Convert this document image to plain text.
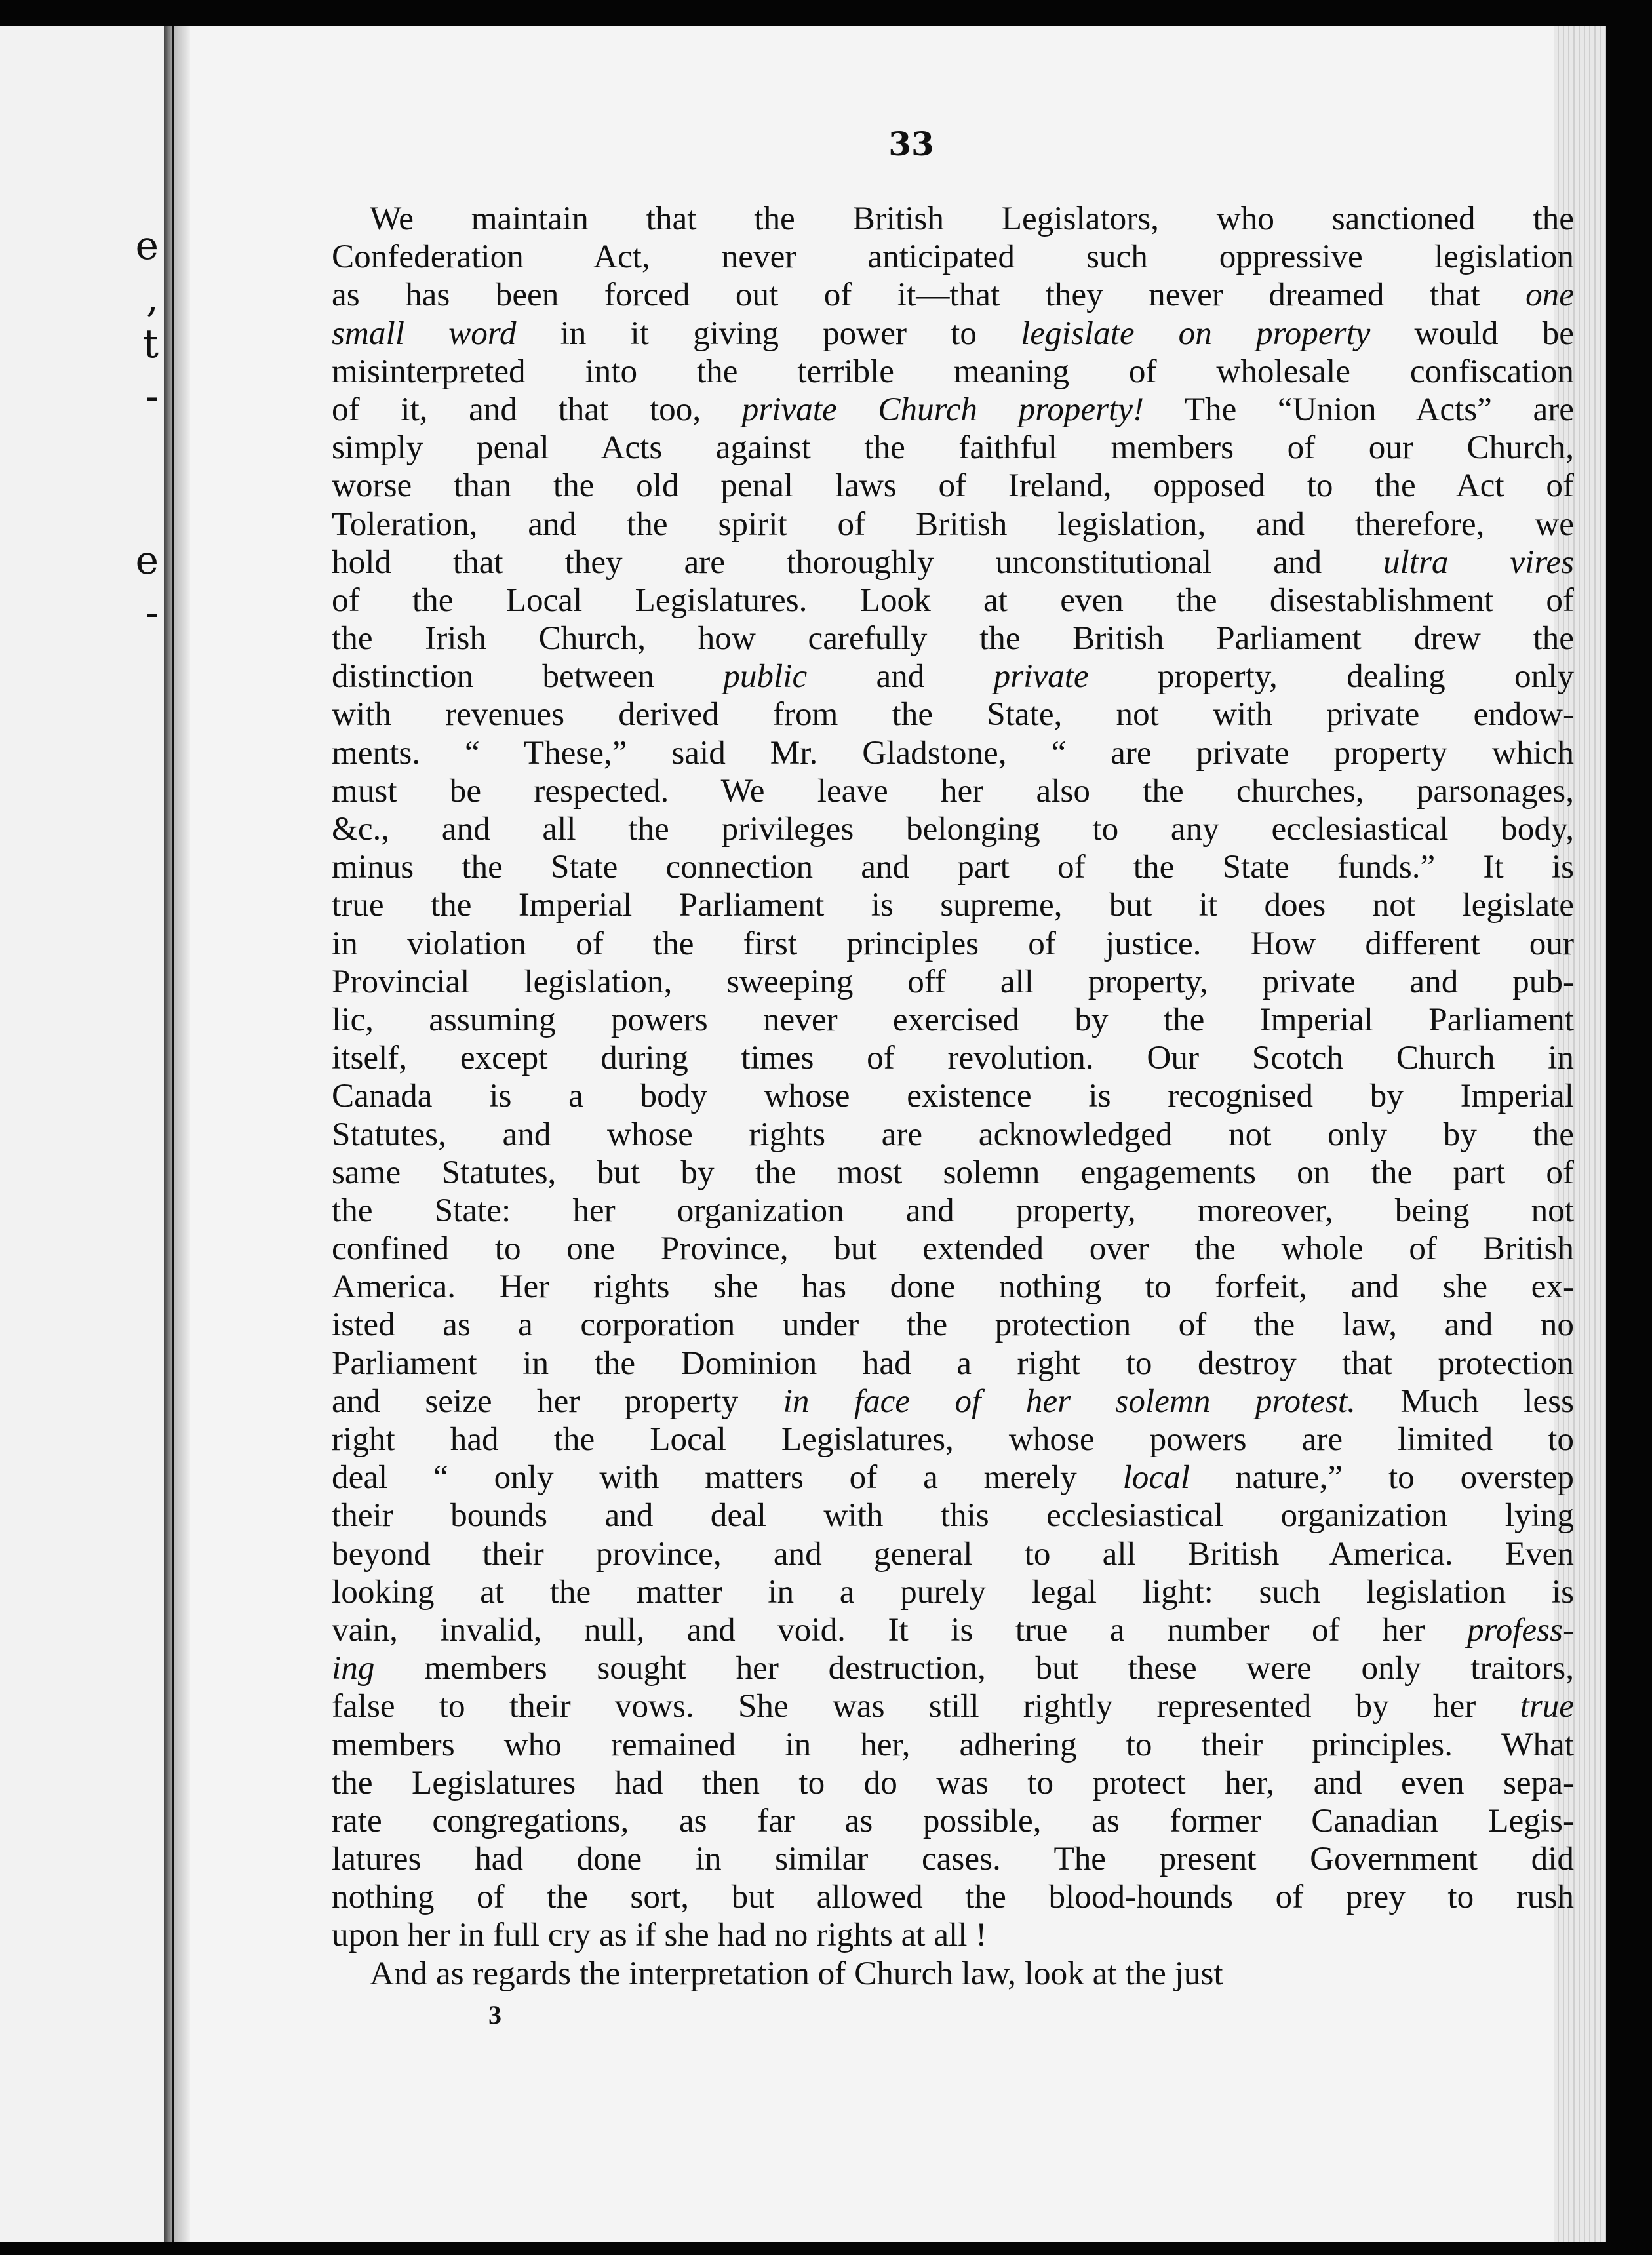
e
,
t
-
e
-
33
We maintain that the British Legislators, who sanctioned the
Confederation Act, never anticipated such oppressive legislation
as has been forced out of it—that they never dreamed that one
small word in it giving power to legislate on property would be
misinterpreted into the terrible meaning of wholesale confiscation
of it, and that too, private Church property! The “Union Acts” are
simply penal Acts against the faithful members of our Church,
worse than the old penal laws of Ireland, opposed to the Act of
Toleration, and the spirit of British legislation, and therefore, we
hold that they are thoroughly unconstitutional and ultra vires
of the Local Legislatures. Look at even the disestablishment of
the Irish Church, how carefully the British Parliament drew the
distinction between public and private property, dealing only
with revenues derived from the State, not with private endow-
ments. “ These,” said Mr. Gladstone, “ are private property which
must be respected. We leave her also the churches, parsonages,
&c., and all the privileges belonging to any ecclesiastical body,
minus the State connection and part of the State funds.” It is
true the Imperial Parliament is supreme, but it does not legislate
in violation of the first principles of justice. How different our
Provincial legislation, sweeping off all property, private and pub-
lic, assuming powers never exercised by the Imperial Parliament
itself, except during times of revolution. Our Scotch Church in
Canada is a body whose existence is recognised by Imperial
Statutes, and whose rights are acknowledged not only by the
same Statutes, but by the most solemn engagements on the part of
the State: her organization and property, moreover, being not
confined to one Province, but extended over the whole of British
America. Her rights she has done nothing to forfeit, and she ex-
isted as a corporation under the protection of the law, and no
Parliament in the Dominion had a right to destroy that protection
and seize her property in face of her solemn protest. Much less
right had the Local Legislatures, whose powers are limited to
deal “ only with matters of a merely local nature,” to overstep
their bounds and deal with this ecclesiastical organization lying
beyond their province, and general to all British America. Even
looking at the matter in a purely legal light: such legislation is
vain, invalid, null, and void. It is true a number of her profess-
ing members sought her destruction, but these were only traitors,
false to their vows. She was still rightly represented by her true
members who remained in her, adhering to their principles. What
the Legislatures had then to do was to protect her, and even sepa-
rate congregations, as far as possible, as former Canadian Legis-
latures had done in similar cases. The present Government did
nothing of the sort, but allowed the blood-hounds of prey to rush
upon her in full cry as if she had no rights at all !
And as regards the interpretation of Church law, look at the just
3
